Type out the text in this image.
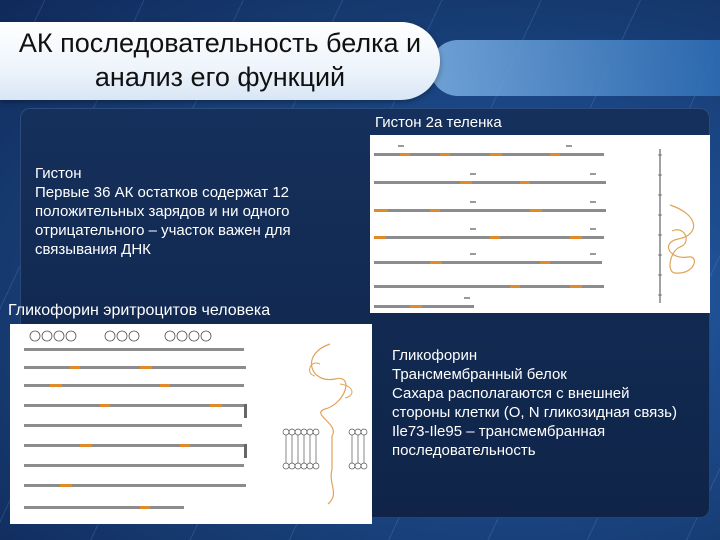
АК последовательность белка и
анализ его функций
Гистон 2а теленка
Гистон
Первые 36 АК остатков содержат 12
положительных зарядов и ни одного
отрицательного – участок важен для
связывания ДНК
Гликофорин эритроцитов человека
Гликофорин
Трансмембранный белок
Сахара располагаются с внешней
стороны клетки (О, N гликозидная связь)
Ile73-Ile95 – трансмембранная
последовательность
